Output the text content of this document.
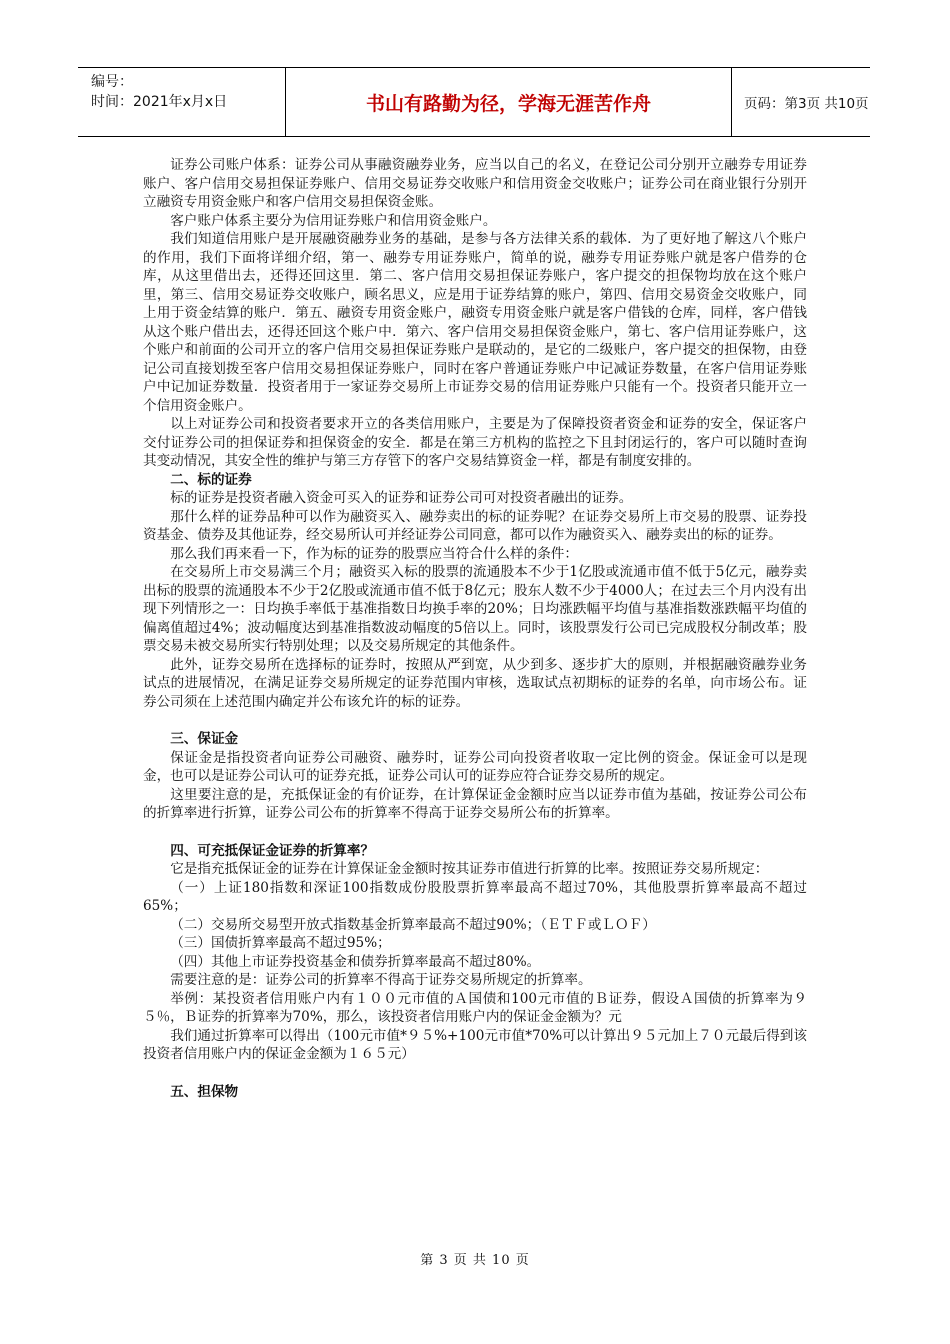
编号：
时间：2021年x月x日	书山有路勤为径，学海无涯苦作舟	页码：第3页 共10页

证券公司账户体系：证券公司从事融资融券业务，应当以自己的名义，在登记公司分别开立融券专用证券账户、客户信用交易担保证券账户、信用交易证券交收账户和信用资金交收账户；证券公司在商业银行分别开立融资专用资金账户和客户信用交易担保资金账。

客户账户体系主要分为信用证券账户和信用资金账户。

我们知道信用账户是开展融资融券业务的基础，是参与各方法律关系的载体．为了更好地了解这八个账户的作用，我们下面将详细介绍，第一、融券专用证券账户，简单的说，融券专用证券账户就是客户借券的仓库，从这里借出去，还得还回这里．第二、客户信用交易担保证券账户，客户提交的担保物均放在这个账户里，第三、信用交易证券交收账户，顾名思义，应是用于证券结算的账户，第四、信用交易资金交收账户，同上用于资金结算的账户．第五、融资专用资金账户，融资专用资金账户就是客户借钱的仓库，同样，客户借钱从这个账户借出去，还得还回这个账户中．第六、客户信用交易担保资金账户，第七、客户信用证券账户，这个账户和前面的公司开立的客户信用交易担保证券账户是联动的，是它的二级账户，客户提交的担保物，由登记公司直接划拨至客户信用交易担保证券账户，同时在客户普通证券账户中记减证券数量，在客户信用证券账户中记加证券数量．投资者用于一家证券交易所上市证券交易的信用证券账户只能有一个。投资者只能开立一个信用资金账户。

以上对证券公司和投资者要求开立的各类信用账户，主要是为了保障投资者资金和证券的安全，保证客户交付证券公司的担保证券和担保资金的安全．都是在第三方机构的监控之下且封闭运行的，客户可以随时查询其变动情况，其安全性的维护与第三方存管下的客户交易结算资金一样，都是有制度安排的。

二、标的证券

标的证券是投资者融入资金可买入的证券和证券公司可对投资者融出的证券。

那什么样的证券品种可以作为融资买入、融券卖出的标的证券呢？在证券交易所上市交易的股票、证券投资基金、债券及其他证券，经交易所认可并经证券公司同意，都可以作为融资买入、融券卖出的标的证券。

那么我们再来看一下，作为标的证券的股票应当符合什么样的条件：

在交易所上市交易满三个月；融资买入标的股票的流通股本不少于1亿股或流通市值不低于5亿元，融券卖出标的股票的流通股本不少于2亿股或流通市值不低于8亿元；股东人数不少于4000人；在过去三个月内没有出现下列情形之一：日均换手率低于基准指数日均换手率的20%；日均涨跌幅平均值与基准指数涨跌幅平均值的偏离值超过4%；波动幅度达到基准指数波动幅度的5倍以上。同时，该股票发行公司已完成股权分制改革；股票交易未被交易所实行特别处理；以及交易所规定的其他条件。

此外，证券交易所在选择标的证券时，按照从严到宽，从少到多、逐步扩大的原则，并根据融资融券业务试点的进展情况，在满足证券交易所规定的证券范围内审核，选取试点初期标的证券的名单，向市场公布。证券公司须在上述范围内确定并公布该允许的标的证券。

三、保证金

保证金是指投资者向证券公司融资、融券时，证券公司向投资者收取一定比例的资金。保证金可以是现金，也可以是证券公司认可的证券充抵，证券公司认可的证券应符合证券交易所的规定。

这里要注意的是，充抵保证金的有价证券，在计算保证金金额时应当以证券市值为基础，按证券公司公布的折算率进行折算，证券公司公布的折算率不得高于证券交易所公布的折算率。

四、可充抵保证金证券的折算率？

它是指充抵保证金的证券在计算保证金金额时按其证券市值进行折算的比率。按照证券交易所规定：

（一）上证180指数和深证100指数成份股股票折算率最高不超过70%，其他股票折算率最高不超过65%；

（二）交易所交易型开放式指数基金折算率最高不超过90%；（ＥＴＦ或ＬＯＦ）

（三）国债折算率最高不超过95%；

（四）其他上市证券投资基金和债券折算率最高不超过80%。

需要注意的是：证券公司的折算率不得高于证券交易所规定的折算率。

举例：某投资者信用账户内有１００元市值的Ａ国债和100元市值的Ｂ证券，假设Ａ国债的折算率为９５％，Ｂ证券的折算率为70%，那么，该投资者信用账户内的保证金金额为？元

我们通过折算率可以得出（100元市值*９５%+100元市值*70%可以计算出９５元加上７０元最后得到该投资者信用账户内的保证金金额为１６５元）

五、担保物
第 3 页 共 10 页
